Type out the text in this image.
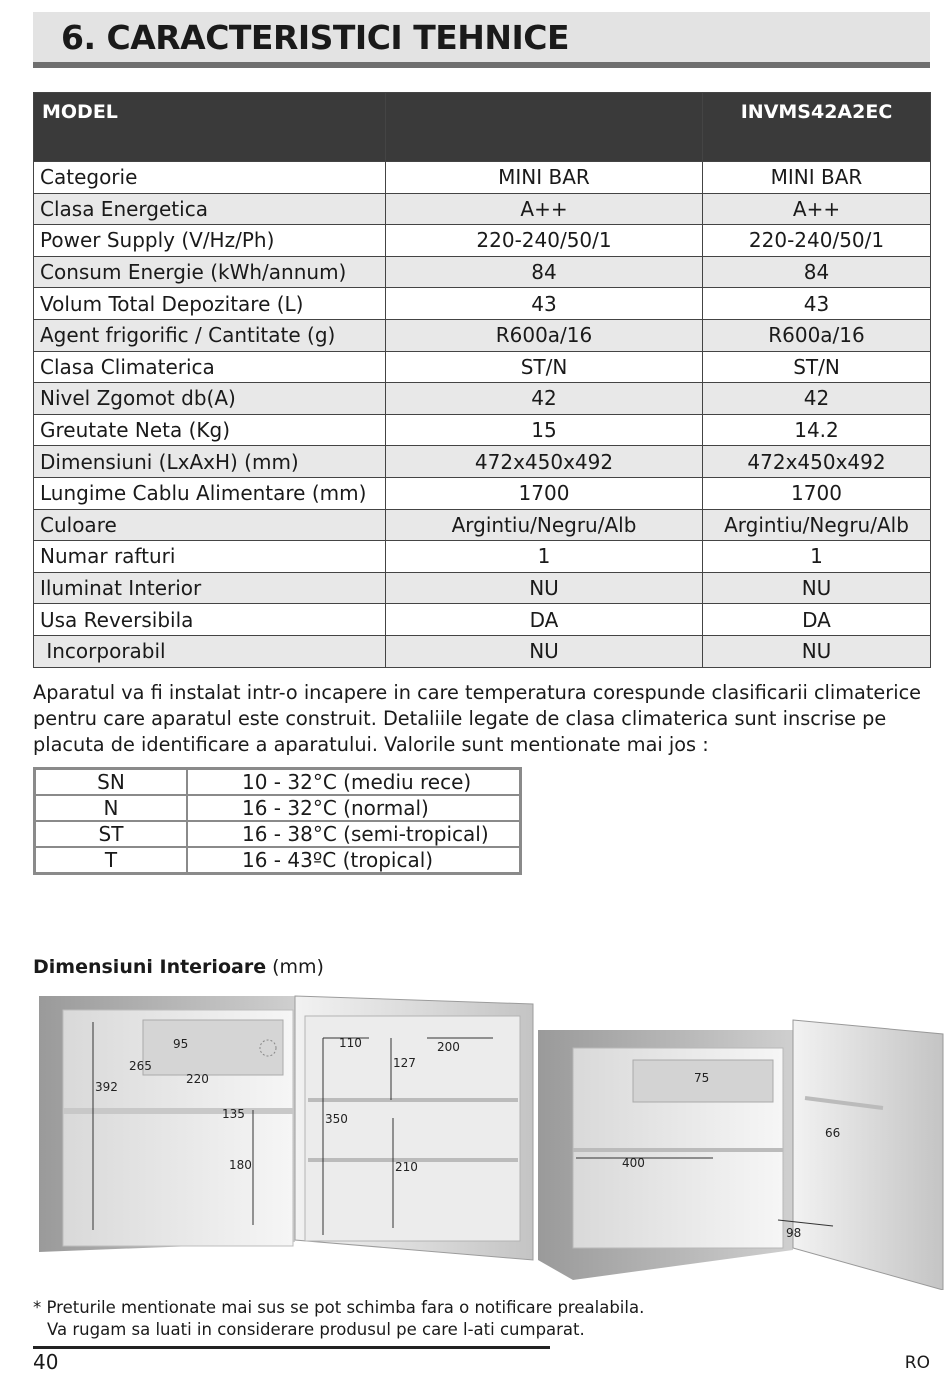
6. CARACTERISTICI TEHNICE
MODEL		INVMS42A2EC
Categorie	MINI BAR	MINI BAR
Clasa Energetica	A++	A++
Power Supply (V/Hz/Ph)	220-240/50/1	220-240/50/1
Consum Energie (kWh/annum)	84	84
Volum Total Depozitare (L)	43	43
Agent frigorific / Cantitate (g)	R600a/16	R600a/16
Clasa Climaterica	ST/N	ST/N
Nivel Zgomot db(A)	42	42
Greutate Neta (Kg)	15	14.2
Dimensiuni (LxAxH) (mm)	472x450x492	472x450x492
Lungime Cablu Alimentare (mm)	1700	1700
Culoare	Argintiu/Negru/Alb	Argintiu/Negru/Alb
Numar rafturi	1	1
Iluminat Interior	NU	NU
Usa Reversibila	DA	DA
Incorporabil	NU	NU
Aparatul va fi instalat intr-o incapere in care temperatura corespunde clasificarii climaterice
pentru care aparatul este construit. Detaliile legate de clasa climaterica sunt inscrise pe
placuta de identificare a aparatului. Valorile sunt mentionate mai jos :
SN	10 - 32°C (mediu rece)
N	16 - 32°C (normal)
ST	16 - 38°C (semi-tropical)
T	16 - 43ºC (tropical)
Dimensiuni Interioare (mm)
95
265
220
392
135
180
110	200
127
350
210
75
66
400
98
* Preturile mentionate mai sus se pot schimba fara o notificare prealabila.
Va rugam sa luati in considerare produsul pe care l-ati cumparat.
40	RO
